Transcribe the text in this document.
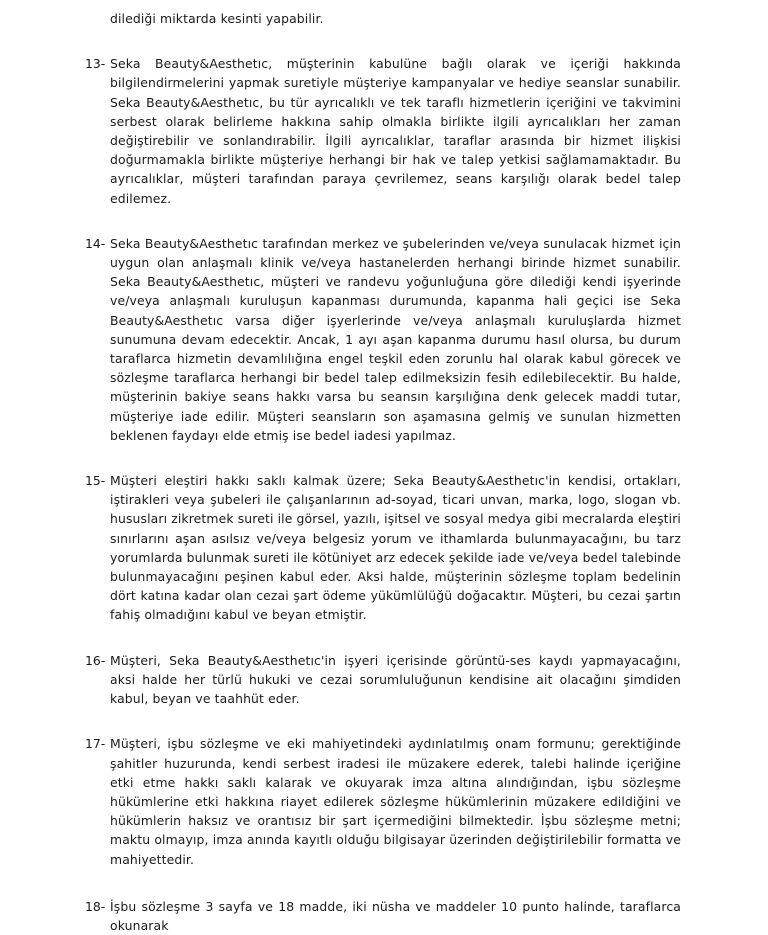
dilediği miktarda kesinti yapabilir.

13- Seka Beauty&Aesthetıc, müşterinin kabulüne bağlı olarak ve içeriği hakkında bilgilendirmelerini yapmak suretiyle müşteriye kampanyalar ve hediye seanslar sunabilir. Seka Beauty&Aesthetıc, bu tür ayrıcalıklı ve tek taraflı hizmetlerin içeriğini ve takvimini serbest olarak belirleme hakkına sahip olmakla birlikte ilgili ayrıcalıkları her zaman değiştirebilir ve sonlandırabilir. İlgili ayrıcalıklar, taraflar arasında bir hizmet ilişkisi doğurmamakla birlikte müşteriye herhangi bir hak ve talep yetkisi sağlamamaktadır. Bu ayrıcalıklar, müşteri tarafından paraya çevrilemez, seans karşılığı olarak bedel talep edilemez.
14- Seka Beauty&Aesthetıc tarafından merkez ve şubelerinden ve/veya sunulacak hizmet için uygun olan anlaşmalı klinik ve/veya hastanelerden herhangi birinde hizmet sunabilir. Seka Beauty&Aesthetıc, müşteri ve randevu yoğunluğuna göre dilediği kendi işyerinde ve/veya anlaşmalı kuruluşun kapanması durumunda, kapanma hali geçici ise Seka Beauty&Aesthetıc varsa diğer işyerlerinde ve/veya anlaşmalı kuruluşlarda hizmet sunumuna devam edecektir. Ancak, 1 ayı aşan kapanma durumu hasıl olursa, bu durum taraflarca hizmetin devamlılığına engel teşkil eden zorunlu hal olarak kabul görecek ve sözleşme taraflarca herhangi bir bedel talep edilmeksizin fesih edilebilecektir. Bu halde, müşterinin bakiye seans hakkı varsa bu seansın karşılığına denk gelecek maddi tutar, müşteriye iade edilir. Müşteri seansların son aşamasına gelmiş ve sunulan hizmetten beklenen faydayı elde etmiş ise bedel iadesi yapılmaz.
15- Müşteri eleştiri hakkı saklı kalmak üzere; Seka Beauty&Aesthetıc'in kendisi, ortakları, iştirakleri veya şubeleri ile çalışanlarının ad-soyad, ticari unvan, marka, logo, slogan vb. hususları zikretmek sureti ile görsel, yazılı, işitsel ve sosyal medya gibi mecralarda eleştiri sınırlarını aşan asılsız ve/veya belgesiz yorum ve ithamlarda bulunmayacağını, bu tarz yorumlarda bulunmak sureti ile kötüniyet arz edecek şekilde iade ve/veya bedel talebinde bulunmayacağını peşinen kabul eder. Aksi halde, müşterinin sözleşme toplam bedelinin dört katına kadar olan cezai şart ödeme yükümlülüğü doğacaktır. Müşteri, bu cezai şartın fahiş olmadığını kabul ve beyan etmiştir.
16- Müşteri, Seka Beauty&Aesthetıc'in işyeri içerisinde görüntü-ses kaydı yapmayacağını, aksi halde her türlü hukuki ve cezai sorumluluğunun kendisine ait olacağını şimdiden kabul, beyan ve taahhüt eder.
17- Müşteri, işbu sözleşme ve eki mahiyetindeki aydınlatılmış onam formunu; gerektiğinde şahitler huzurunda, kendi serbest iradesi ile müzakere ederek, talebi halinde içeriğine etki etme hakkı saklı kalarak ve okuyarak imza altına alındığından, işbu sözleşme hükümlerine etki hakkına riayet edilerek sözleşme hükümlerinin müzakere edildiğini ve hükümlerin haksız ve orantısız bir şart içermediğini bilmektedir. İşbu sözleşme metni; maktu olmayıp, imza anında kayıtlı olduğu bilgisayar üzerinden değiştirilebilir formatta ve mahiyettedir.
18- İşbu sözleşme 3 sayfa ve 18 madde, iki nüsha ve maddeler 10 punto halinde, taraflarca okunarak
